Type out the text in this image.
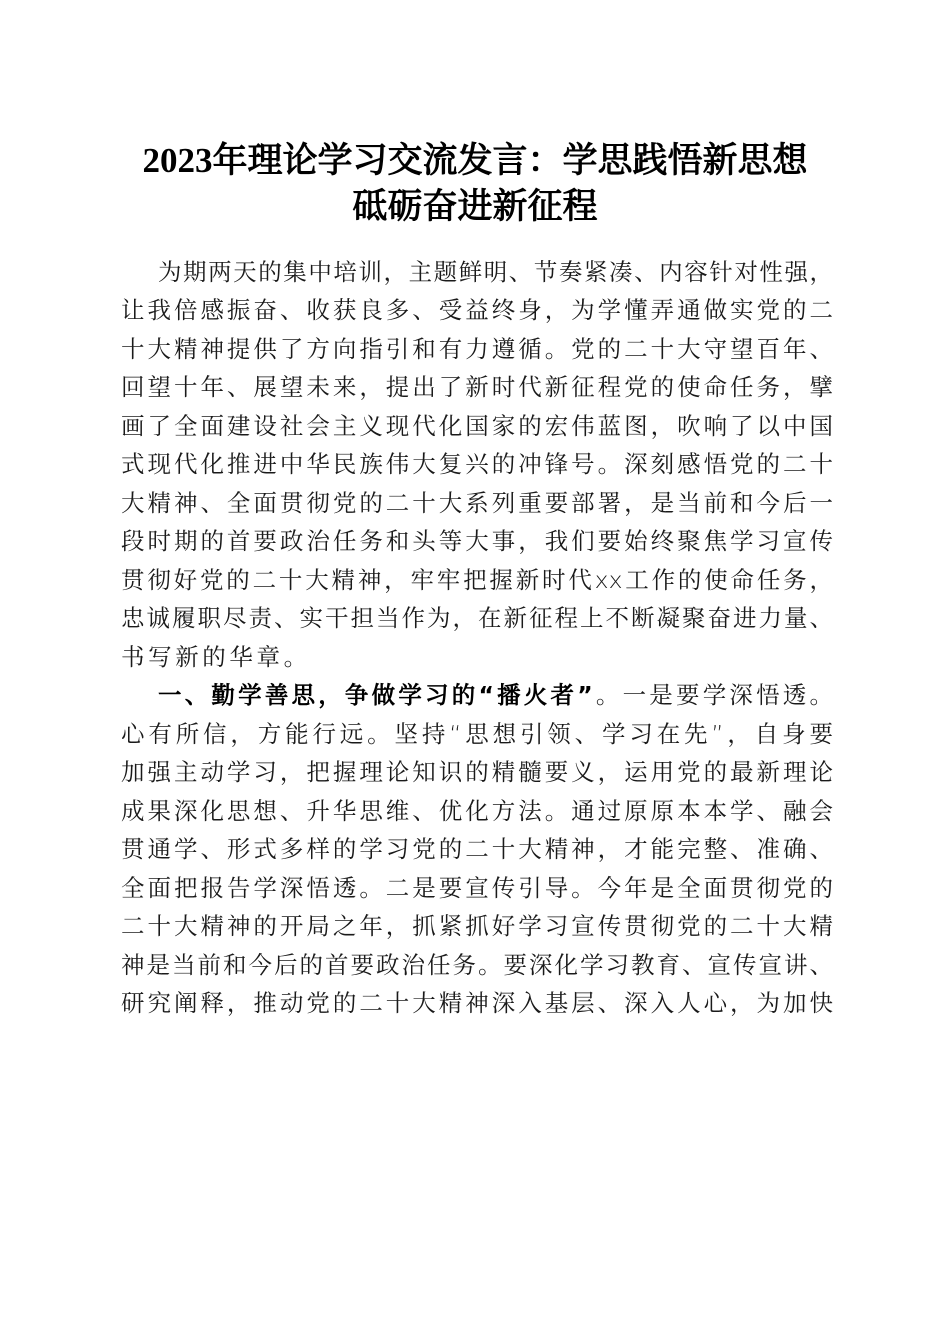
2023年理论学习交流发言：学思践悟新思想
砥砺奋进新征程
为期两天的集中培训，主题鲜明、节奏紧凑、内容针对性强，
让我倍感振奋、收获良多、受益终身，为学懂弄通做实党的二
十大精神提供了方向指引和有力遵循。党的二十大守望百年、
回望十年、展望未来，提出了新时代新征程党的使命任务，擘
画了全面建设社会主义现代化国家的宏伟蓝图，吹响了以中国
式现代化推进中华民族伟大复兴的冲锋号。深刻感悟党的二十
大精神、全面贯彻党的二十大系列重要部署，是当前和今后一
段时期的首要政治任务和头等大事，我们要始终聚焦学习宣传
贯彻好党的二十大精神，牢牢把握新时代xx工作的使命任务，
忠诚履职尽责、实干担当作为，在新征程上不断凝聚奋进力量、
书写新的华章。
一、勤学善思，争做学习的“播火者”。一是要学深悟透。
心有所信，方能行远。坚持“思想引领、学习在先”，自身要
加强主动学习，把握理论知识的精髓要义，运用党的最新理论
成果深化思想、升华思维、优化方法。通过原原本本学、融会
贯通学、形式多样的学习党的二十大精神，才能完整、准确、
全面把报告学深悟透。二是要宣传引导。今年是全面贯彻党的
二十大精神的开局之年，抓紧抓好学习宣传贯彻党的二十大精
神是当前和今后的首要政治任务。要深化学习教育、宣传宣讲、
研究阐释，推动党的二十大精神深入基层、深入人心，为加快
